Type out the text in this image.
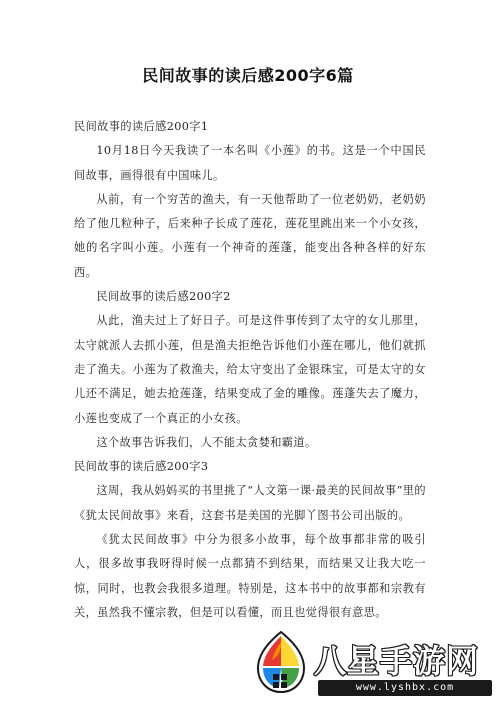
民间故事的读后感200字6篇

民间故事的读后感200字1

10月18日今天我读了一本名叫《小莲》的书。这是一个中国民间故事，画得很有中国味儿。

从前，有一个穷苦的渔夫，有一天他帮助了一位老奶奶，老奶奶给了他几粒种子，后来种子长成了莲花，莲花里跳出来一个小女孩，她的名字叫小莲。小莲有一个神奇的莲蓬，能变出各种各样的好东西。

民间故事的读后感200字2

从此，渔夫过上了好日子。可是这件事传到了太守的女儿那里，太守就派人去抓小莲，但是渔夫拒绝告诉他们小莲在哪儿，他们就抓走了渔夫。小莲为了救渔夫，给太守变出了金银珠宝，可是太守的女儿还不满足，她去抢莲蓬，结果变成了金的雕像。莲蓬失去了魔力，小莲也变成了一个真正的小女孩。

这个故事告诉我们，人不能太贪婪和霸道。

民间故事的读后感200字3

这周，我从妈妈买的书里挑了“人文第一课·最美的民间故事”里的《犹太民间故事》来看，这套书是美国的光脚丫图书公司出版的。

《犹太民间故事》中分为很多小故事，每个故事都非常的吸引人，很多故事我呀得时候一点都猜不到结果，而结果又让我大吃一惊，同时，也教会我很多道理。特别是，这本书中的故事都和宗教有关，虽然我不懂宗教，但是可以看懂，而且也觉得很有意思。

八星手游网
www.lyshbx.com
